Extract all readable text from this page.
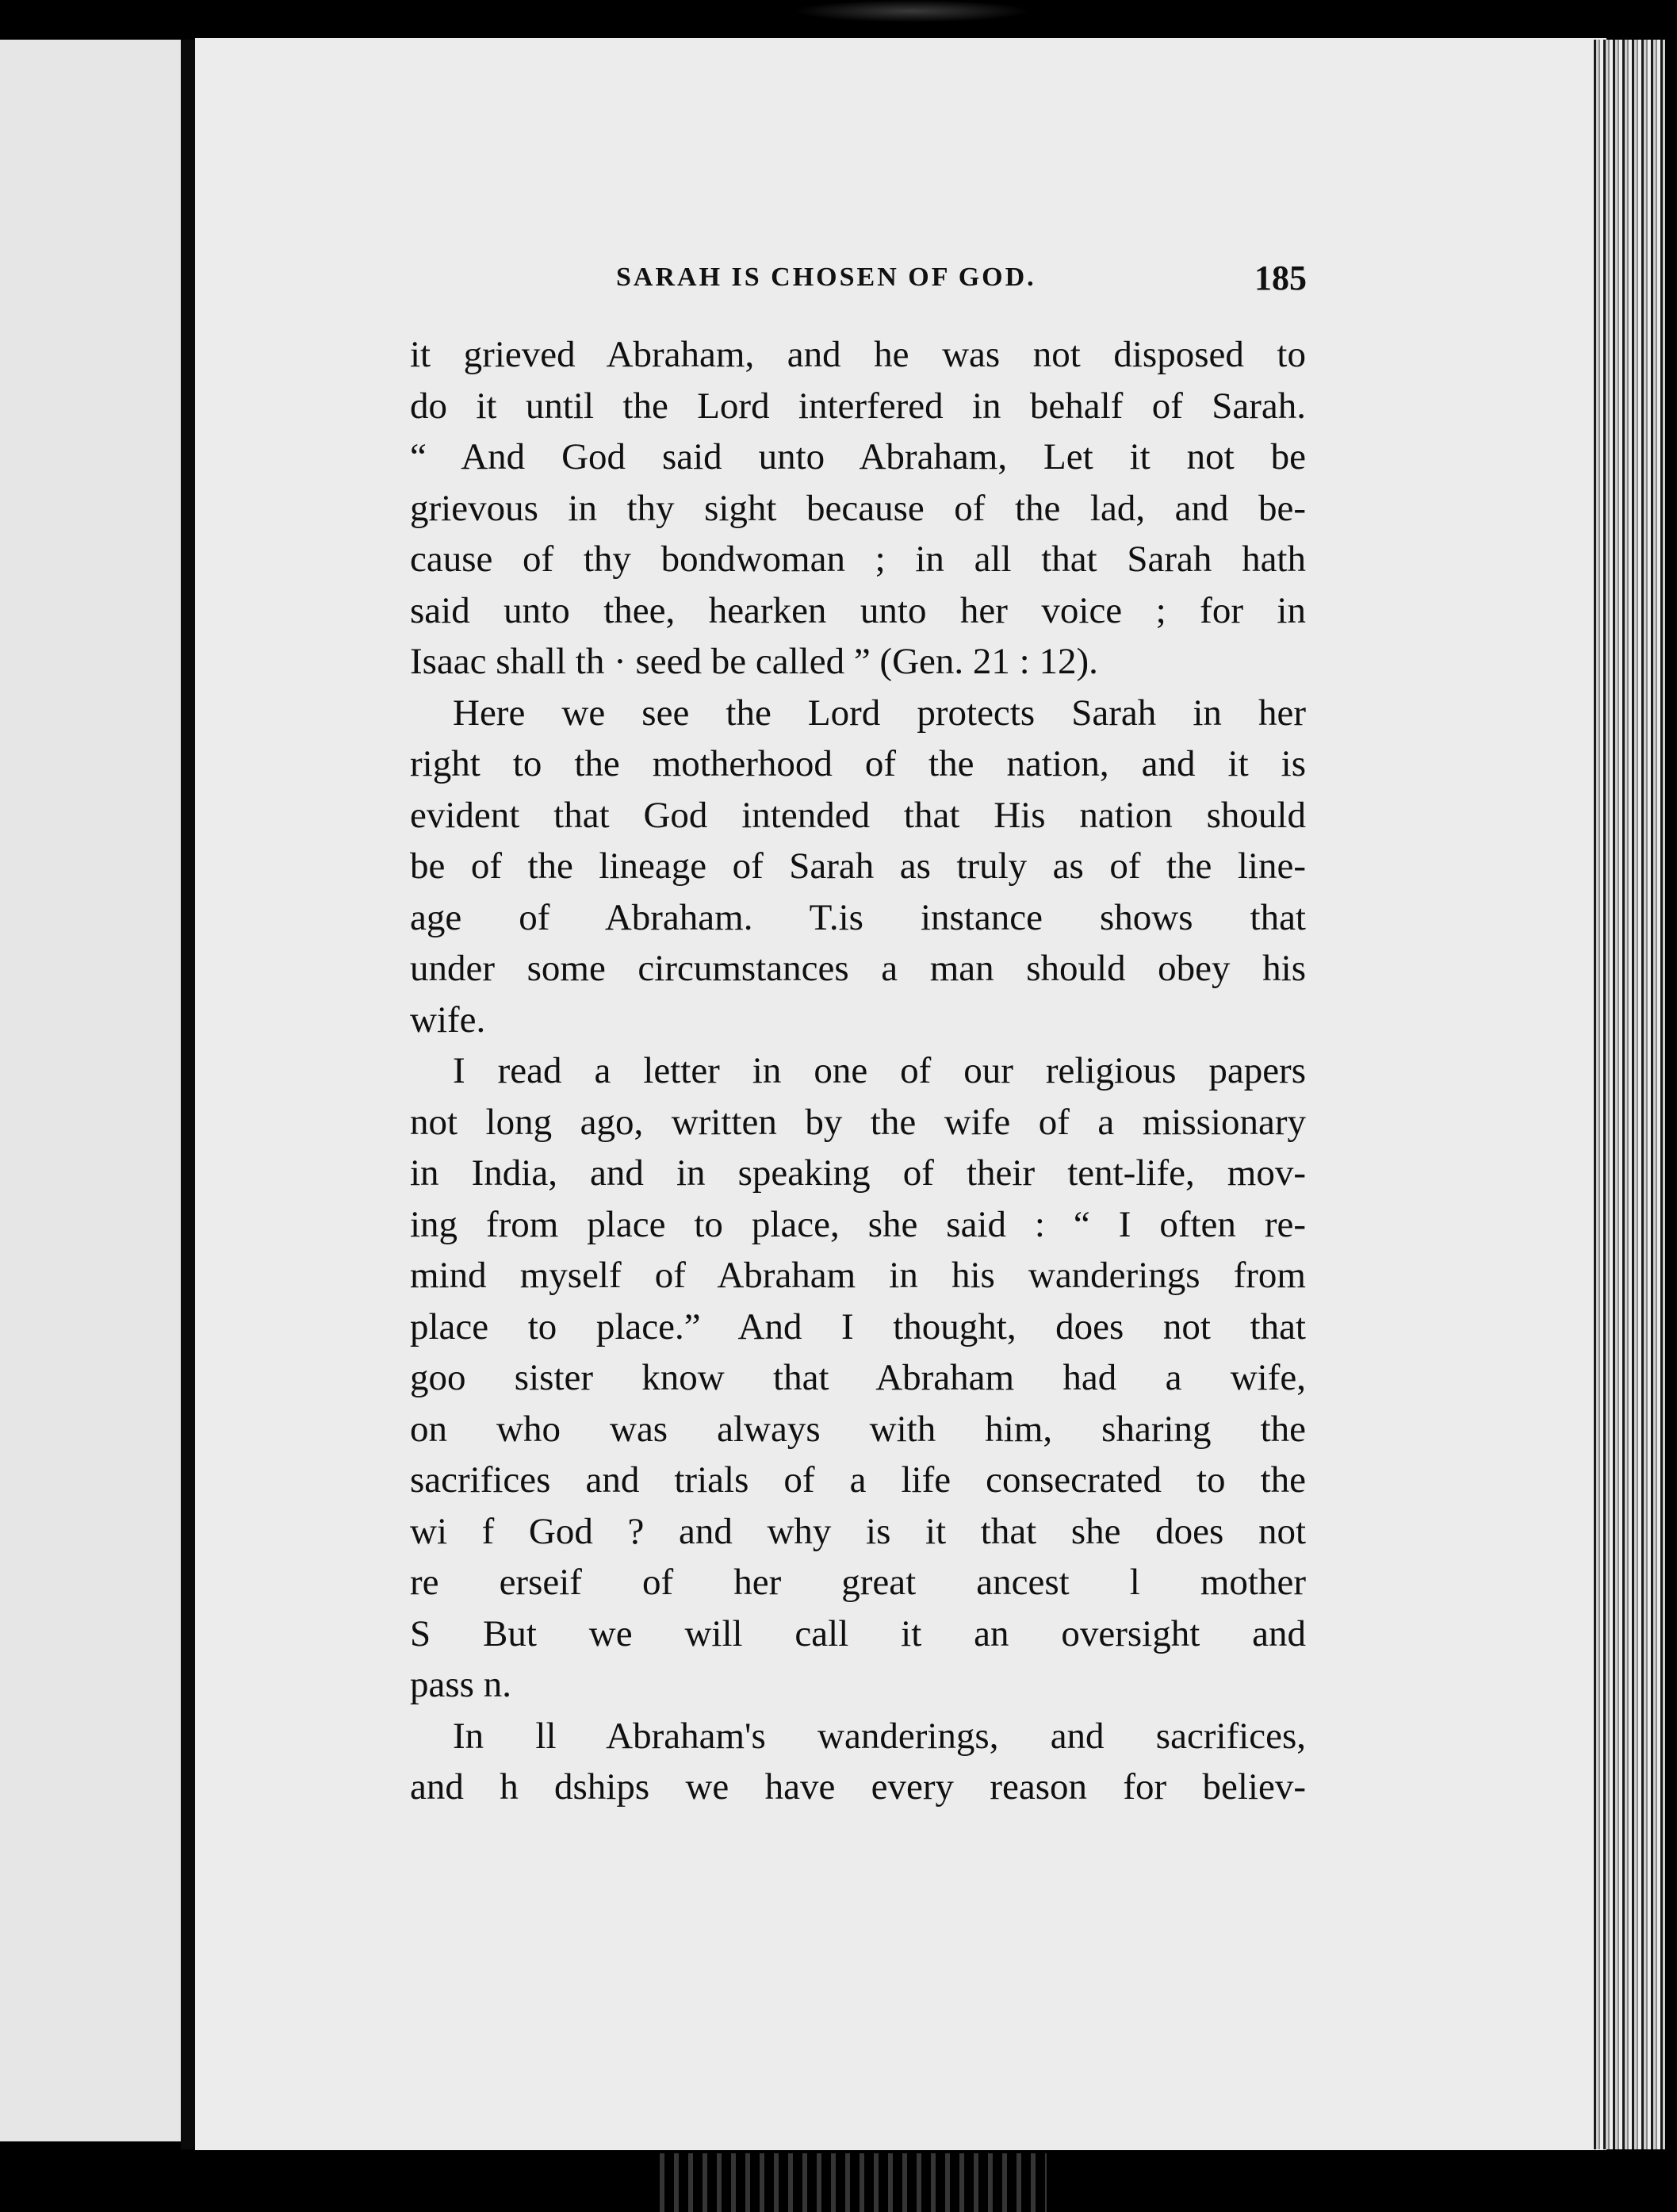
SARAH IS CHOSEN OF GOD.	185
it grieved Abraham, and he was not disposed to
do it until the Lord interfered in behalf of Sarah.
“ And God said unto Abraham, Let it not be
grievous in thy sight because of the lad, and be-
cause of thy bondwoman ; in all that Sarah hath
said unto thee, hearken unto her voice ; for in
Isaac shall th · seed be called ” (Gen. 21 : 12).
Here we see the Lord protects Sarah in her
right to the motherhood of the nation, and it is
evident that God intended that His nation should
be of the lineage of Sarah as truly as of the line-
age of Abraham. T.is instance shows that
under some circumstances a man should obey his
wife.
I read a letter in one of our religious papers
not long ago, written by the wife of a missionary
in India, and in speaking of their tent-life, mov-
ing from place to place, she said : “ I often re-
mind myself of Abraham in his wanderings from
place to place.” And I thought, does not that
goo sister know that Abraham had a wife,
on who was always with him, sharing the
sacrifices and trials of a life consecrated to the
wi f God ? and why is it that she does not
re erseif of her great ancest l mother
S But we will call it an oversight and
pass n.
In ll Abraham's wanderings, and sacrifices,
and h dships we have every reason for believ-
